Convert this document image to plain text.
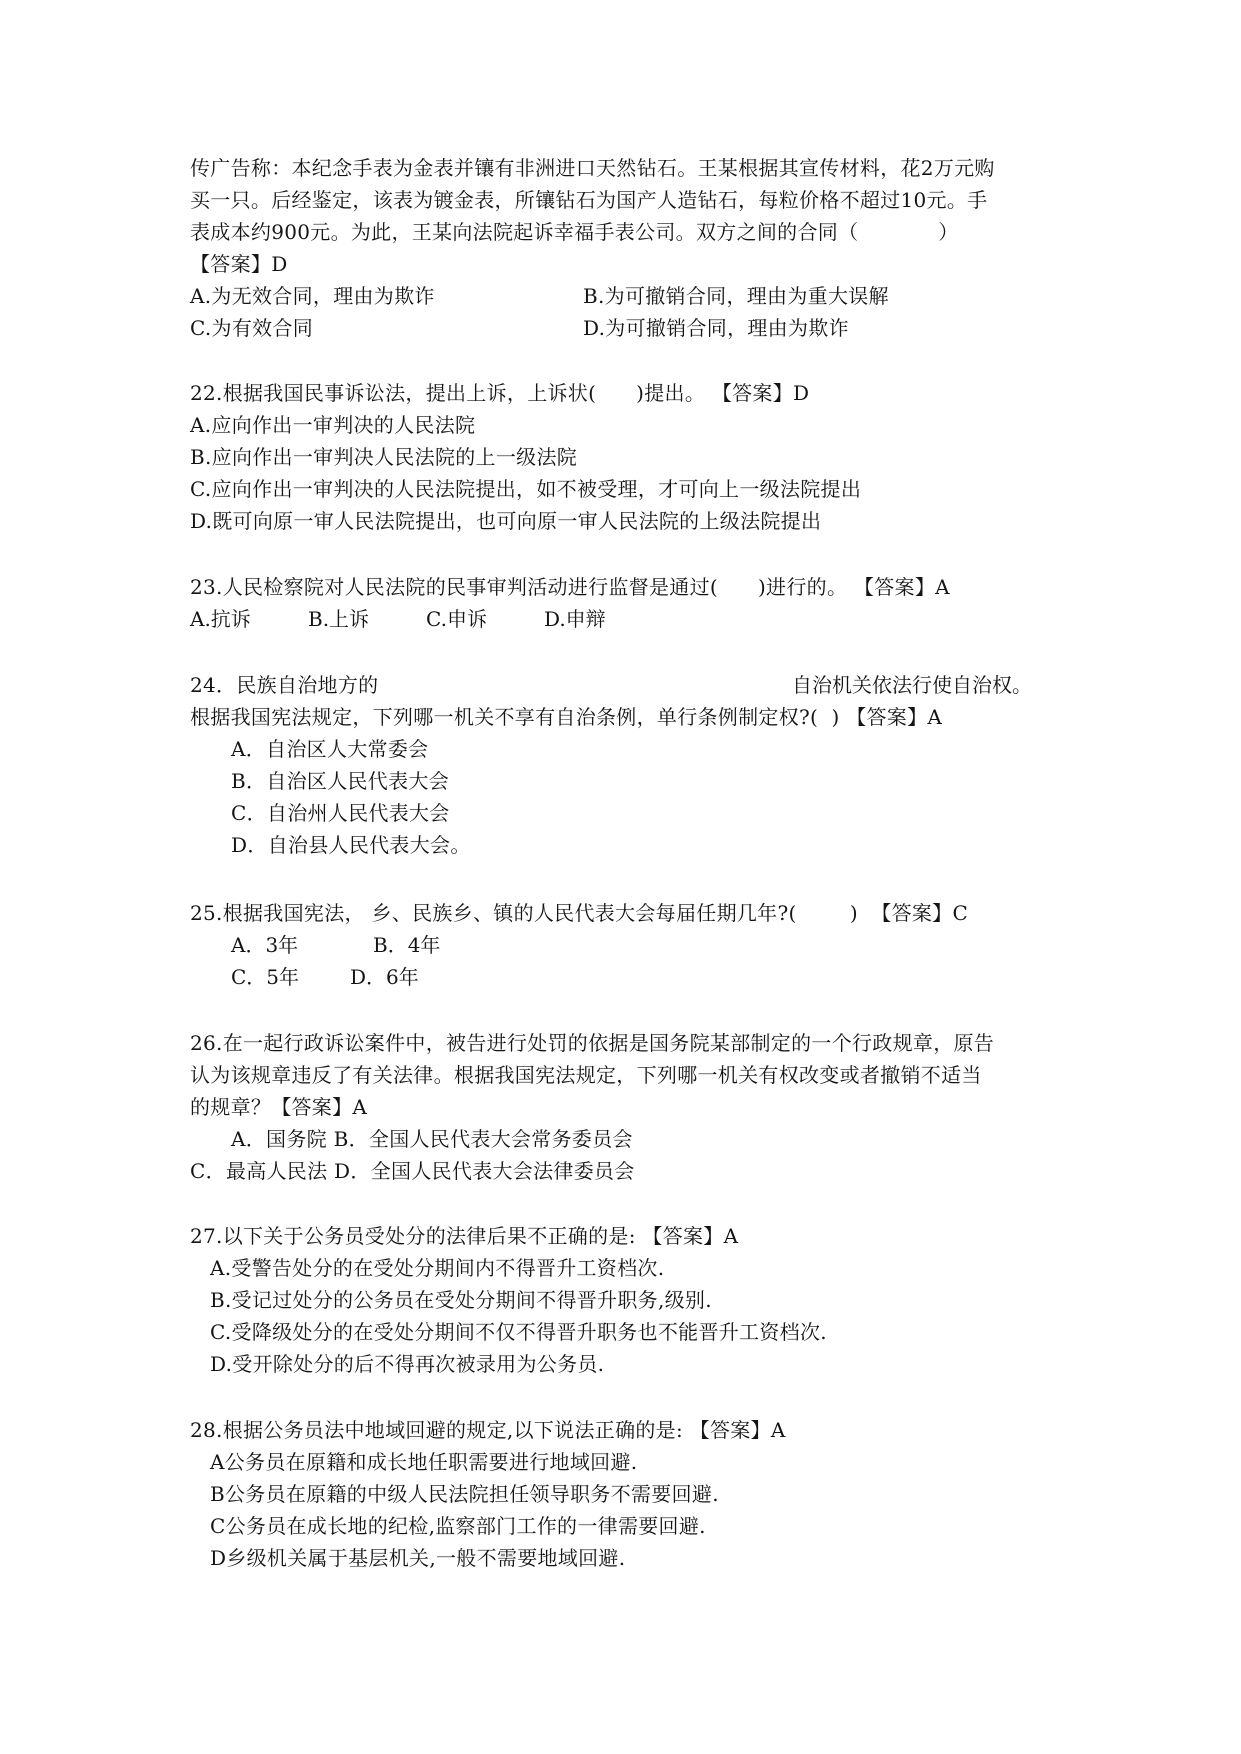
传广告称：本纪念手表为金表并镶有非洲进口天然钻石。王某根据其宣传材料，花2万元购
买一只。后经鉴定，该表为镀金表，所镶钻石为国产人造钻石，每粒价格不超过10元。手
表成本约900元。为此，王某向法院起诉幸福手表公司。双方之间的合同（            ）
【答案】D
A.为无效合同，理由为欺诈	B.为可撤销合同，理由为重大误解
C.为有效合同	D.为可撤销合同，理由为欺诈
22.根据我国民事诉讼法，提出上诉，上诉状(      )提出。 【答案】D
A.应向作出一审判决的人民法院
B.应向作出一审判决人民法院的上一级法院
C.应向作出一审判决的人民法院提出，如不被受理，才可向上一级法院提出
D.既可向原一审人民法院提出，也可向原一审人民法院的上级法院提出
23.人民检察院对人民法院的民事审判活动进行监督是通过(      )进行的。 【答案】A
A.抗诉	B.上诉	C.申诉	D.申辩
24．民族自治地方的	自治机关依法行使自治权。
根据我国宪法规定，下列哪一机关不享有自治条例，单行条例制定权?(  ) 【答案】A
A．自治区人大常委会
B．自治区人民代表大会
C．自治州人民代表大会
D．自治县人民代表大会。
25.根据我国宪法， 乡、民族乡、镇的人民代表大会每届任期几年?(        )  【答案】C
A．3年	B．4年
C．5年	D．6年
26.在一起行政诉讼案件中，被告进行处罚的依据是国务院某部制定的一个行政规章，原告
认为该规章违反了有关法律。根据我国宪法规定，下列哪一机关有权改变或者撤销不适当
的规章？【答案】A
A．国务院 B．全国人民代表大会常务委员会
C．最高人民法 D．全国人民代表大会法律委员会
27.以下关于公务员受处分的法律后果不正确的是: 【答案】A
A.受警告处分的在受处分期间内不得晋升工资档次.
B.受记过处分的公务员在受处分期间不得晋升职务,级别.
C.受降级处分的在受处分期间不仅不得晋升职务也不能晋升工资档次.
D.受开除处分的后不得再次被录用为公务员.
28.根据公务员法中地域回避的规定,以下说法正确的是: 【答案】A
A公务员在原籍和成长地任职需要进行地域回避.
B公务员在原籍的中级人民法院担任领导职务不需要回避.
C公务员在成长地的纪检,监察部门工作的一律需要回避.
D乡级机关属于基层机关,一般不需要地域回避.
